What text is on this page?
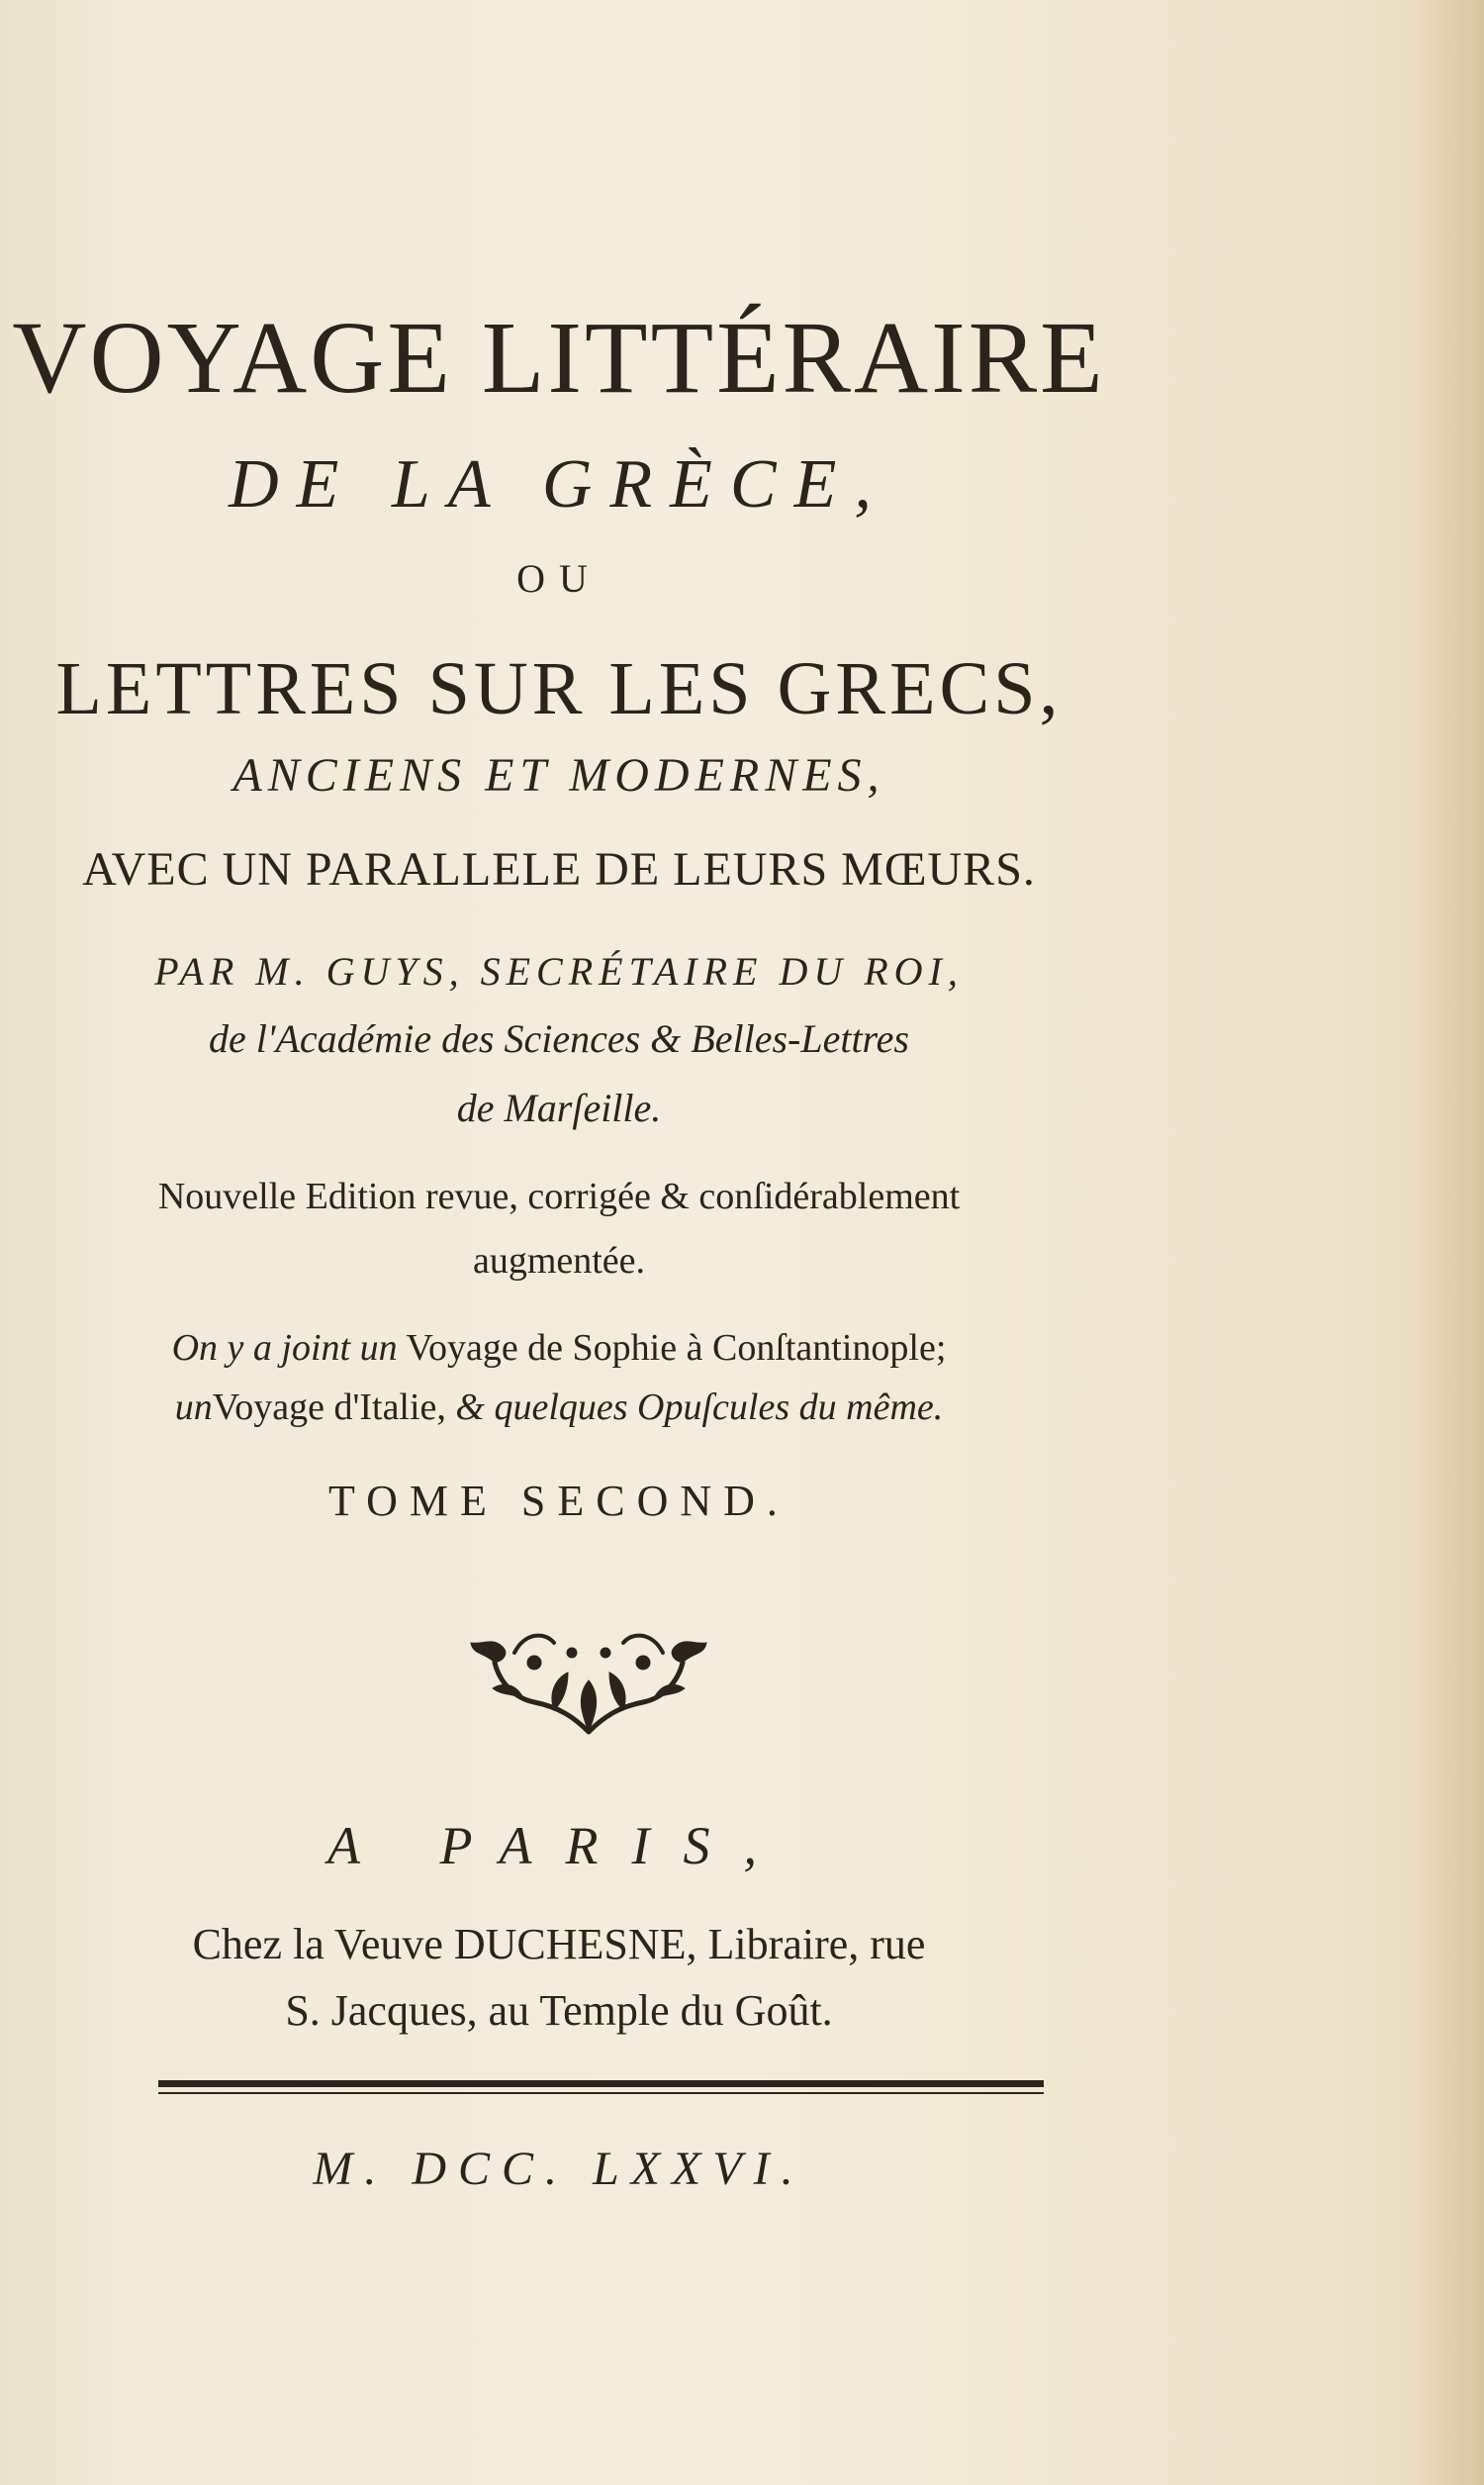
VOYAGE LITTÉRAIRE
DE LA GRÈCE,
OU
LETTRES SUR LES GRECS,
ANCIENS ET MODERNES,
AVEC UN PARALLELE DE LEURS MŒURS.
PAR M. GUYS, SECRÉTAIRE DU ROI,
de l'Académie des Sciences & Belles-Lettres
de Marſeille.
Nouvelle Edition revue, corrigée & conſidérablement
augmentée.
On y a joint un Voyage de Sophie à Conſtantinople;
unVoyage d'Italie, & quelques Opuſcules du même.
TOME SECOND.
A PARIS,
Chez la Veuve DUCHESNE, Libraire, rue
S. Jacques, au Temple du Goût.
M. DCC. LXXVI.
